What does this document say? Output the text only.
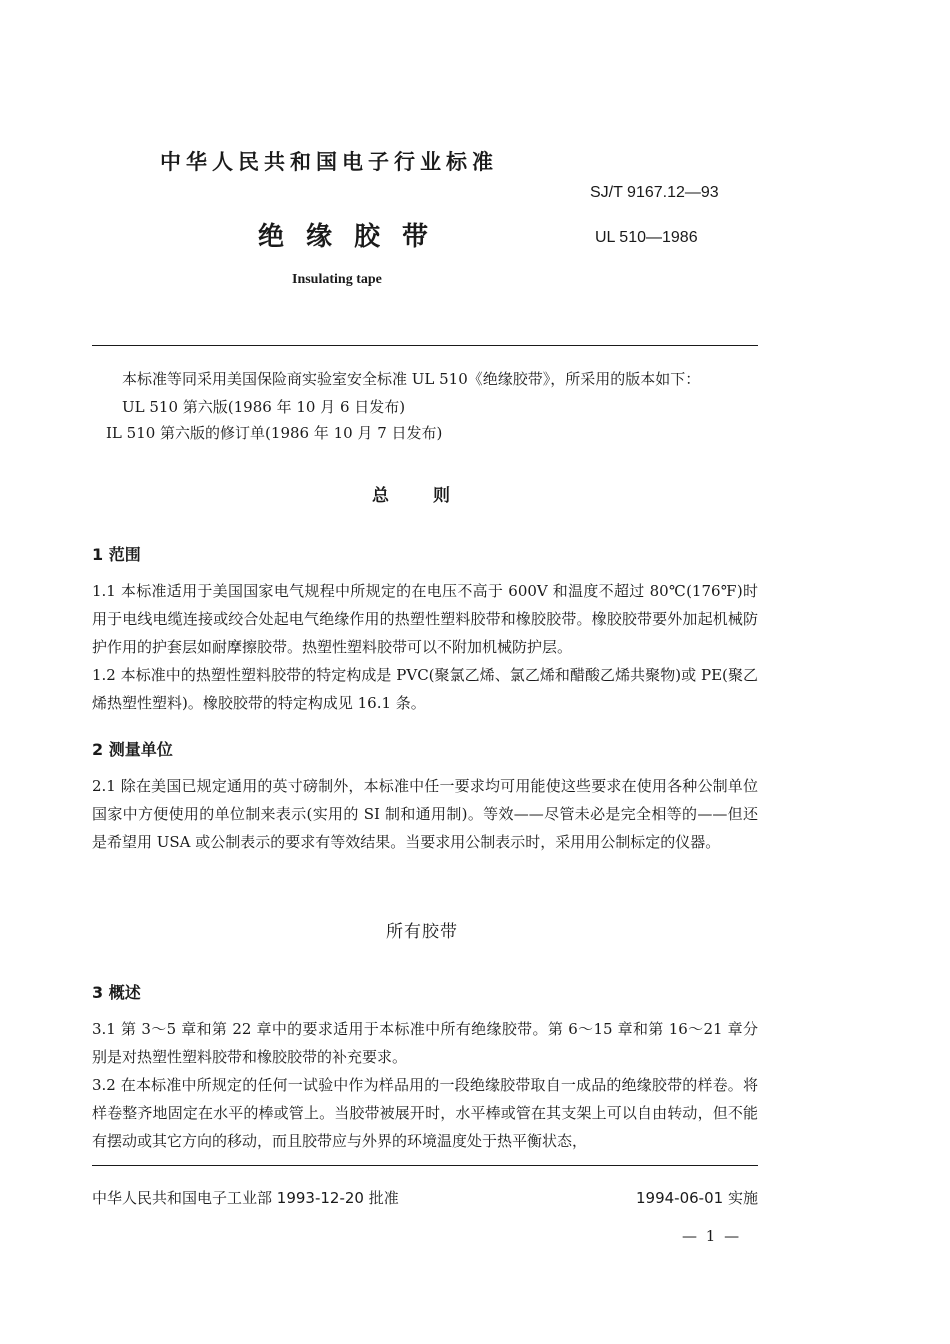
中华人民共和国电子行业标准
SJ/T 9167.12—93
绝缘胶带	UL 510—1986
Insulating tape
本标准等同采用美国保险商实验室安全标准 UL 510《绝缘胶带》，所采用的版本如下：
UL 510 第六版(1986 年 10 月 6 日发布)
IL 510 第六版的修订单(1986 年 10 月 7 日发布)
总则
1 范围
1.1 本标准适用于美国国家电气规程中所规定的在电压不高于 600V 和温度不超过 80℃(176℉)时用于电线电缆连接或绞合处起电气绝缘作用的热塑性塑料胶带和橡胶胶带。橡胶胶带要外加起机械防护作用的护套层如耐摩擦胶带。热塑性塑料胶带可以不附加机械防护层。
1.2 本标准中的热塑性塑料胶带的特定构成是 PVC(聚氯乙烯、氯乙烯和醋酸乙烯共聚物)或 PE(聚乙烯热塑性塑料)。橡胶胶带的特定构成见 16.1 条。
2 测量单位
2.1 除在美国已规定通用的英寸磅制外，本标准中任一要求均可用能使这些要求在使用各种公制单位国家中方便使用的单位制来表示(实用的 SI 制和通用制)。等效——尽管未必是完全相等的——但还是希望用 USA 或公制表示的要求有等效结果。当要求用公制表示时，采用用公制标定的仪器。
所有胶带
3 概述
3.1 第 3～5 章和第 22 章中的要求适用于本标准中所有绝缘胶带。第 6～15 章和第 16～21 章分别是对热塑性塑料胶带和橡胶胶带的补充要求。
3.2 在本标准中所规定的任何一试验中作为样品用的一段绝缘胶带取自一成品的绝缘胶带的样卷。将样卷整齐地固定在水平的棒或管上。当胶带被展开时，水平棒或管在其支架上可以自由转动，但不能有摆动或其它方向的移动，而且胶带应与外界的环境温度处于热平衡状态，
中华人民共和国电子工业部 1993-12-20 批准	1994-06-01 实施
— 1 —
